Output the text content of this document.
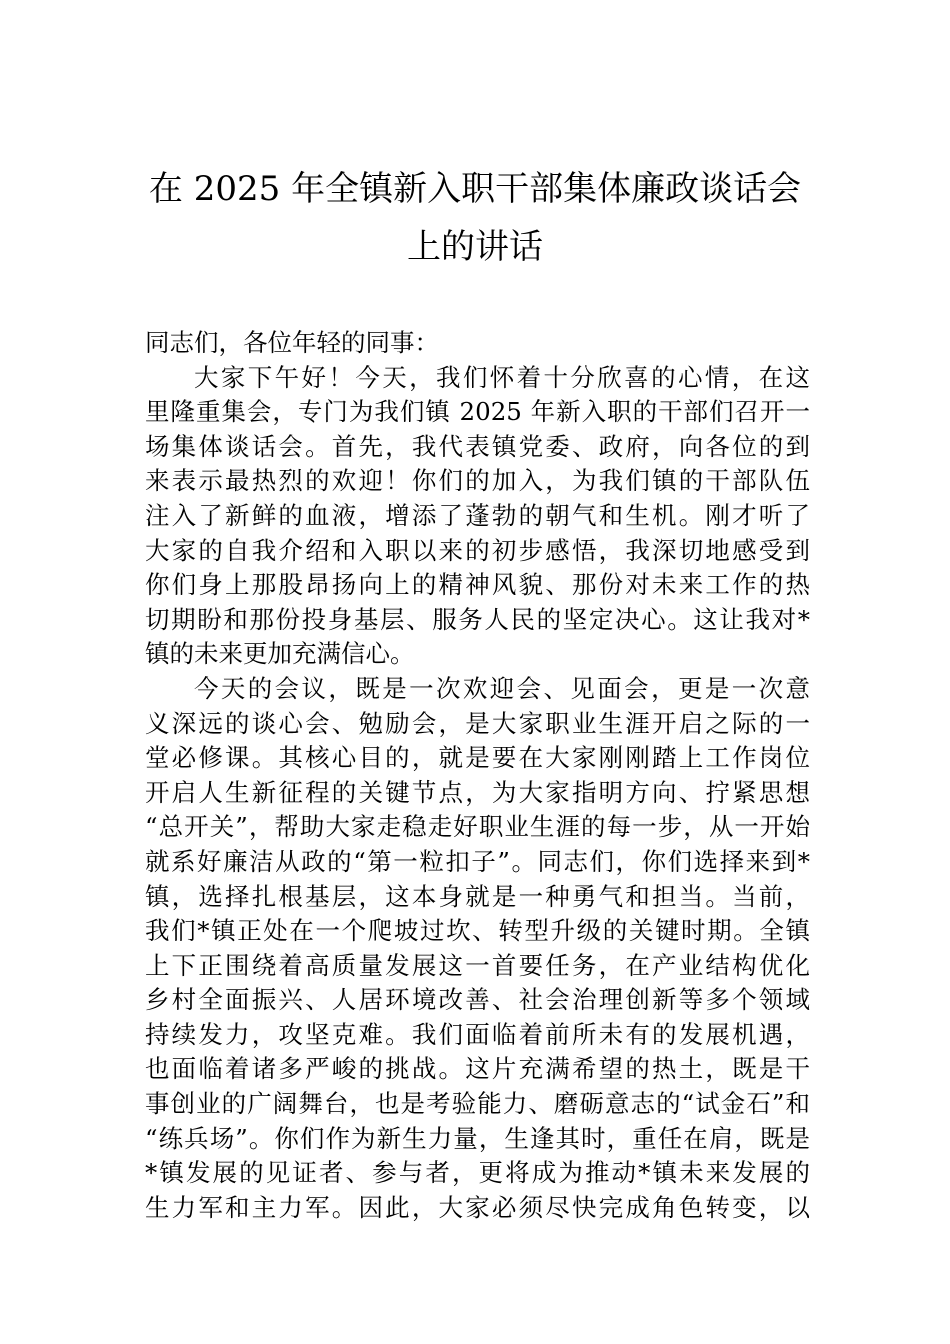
在 2025 年全镇新入职干部集体廉政谈话会
上的讲话

同志们，各位年轻的同事：

大家下午好！今天，我们怀着十分欣喜的心情，在这
里隆重集会，专门为我们镇 2025 年新入职的干部们召开一
场集体谈话会。首先，我代表镇党委、政府，向各位的到
来表示最热烈的欢迎！你们的加入，为我们镇的干部队伍
注入了新鲜的血液，增添了蓬勃的朝气和生机。刚才听了
大家的自我介绍和入职以来的初步感悟，我深切地感受到
你们身上那股昂扬向上的精神风貌、那份对未来工作的热
切期盼和那份投身基层、服务人民的坚定决心。这让我对*
镇的未来更加充满信心。

今天的会议，既是一次欢迎会、见面会，更是一次意
义深远的谈心会、勉励会，是大家职业生涯开启之际的一
堂必修课。其核心目的，就是要在大家刚刚踏上工作岗位
开启人生新征程的关键节点，为大家指明方向、拧紧思想
“总开关”，帮助大家走稳走好职业生涯的每一步，从一开始
就系好廉洁从政的“第一粒扣子”。同志们，你们选择来到*
镇，选择扎根基层，这本身就是一种勇气和担当。当前，
我们*镇正处在一个爬坡过坎、转型升级的关键时期。全镇
上下正围绕着高质量发展这一首要任务，在产业结构优化
乡村全面振兴、人居环境改善、社会治理创新等多个领域
持续发力，攻坚克难。我们面临着前所未有的发展机遇，
也面临着诸多严峻的挑战。这片充满希望的热土，既是干
事创业的广阔舞台，也是考验能力、磨砺意志的“试金石”和
“练兵场”。你们作为新生力量，生逢其时，重任在肩，既是
*镇发展的见证者、参与者，更将成为推动*镇未来发展的
生力军和主力军。因此，大家必须尽快完成角色转变，以
